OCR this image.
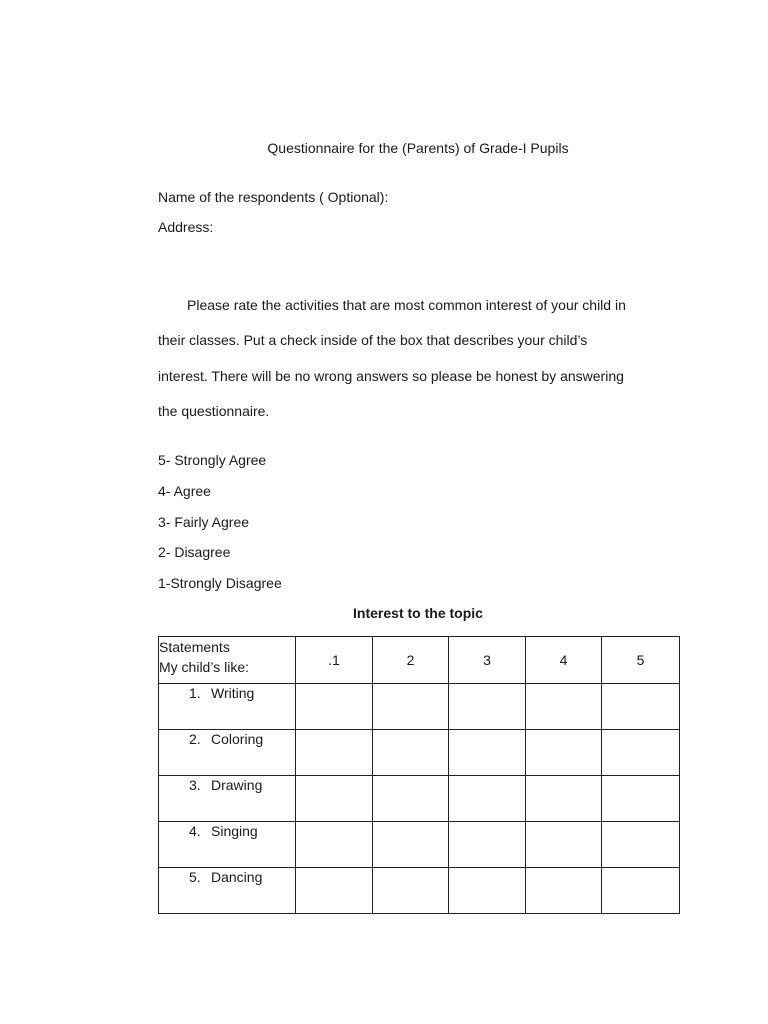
Questionnaire for the (Parents) of Grade-I Pupils
Name of the respondents ( Optional):
Address:
Please rate the activities that are most common interest of your child in
their classes. Put a check inside of the box that describes your child’s
interest. There will be no wrong answers so please be honest by answering
the questionnaire.
5- Strongly Agree
4- Agree
3- Fairly Agree
2- Disagree
1-Strongly Disagree
Interest to the topic
Statements
My child’s like:	.1	2	3	4	5

1. Writing					

2. Coloring					

3. Drawing					

4. Singing					

5. Dancing					
